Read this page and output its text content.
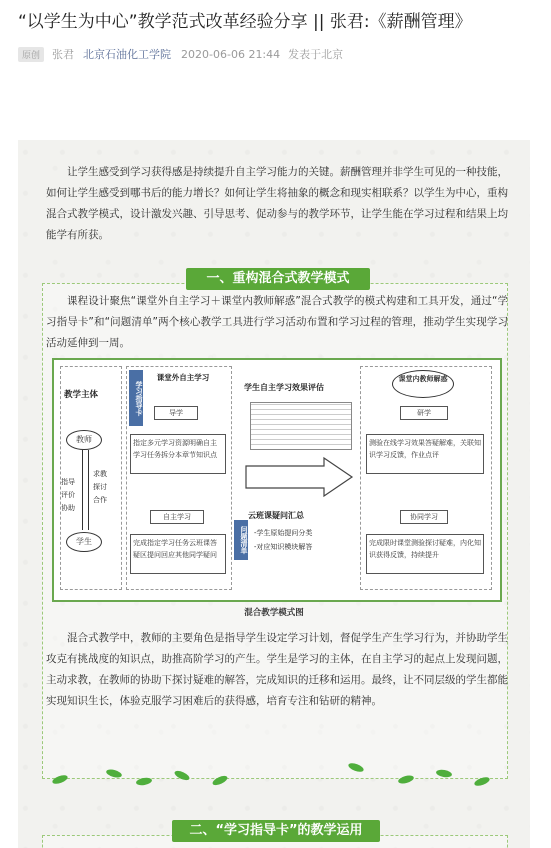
“以学生为中心”教学范式改革经验分享 || 张君:《薪酬管理》
原创	张君 北京石油化工学院 2020-06-06 21:44 发表于北京

让学生感受到学习获得感是持续提升自主学习能力的关键。薪酬管理并非学生可见的一种技能，如何让学生感受到哪书后的能力增长？如何让学生将抽象的概念和现实相联系？以学生为中心，重构混合式教学模式，设计激发兴趣、引导思考、促动参与的教学环节，让学生能在学习过程和结果上均能学有所获。

一、重构混合式教学模式

课程设计聚焦“课堂外自主学习＋课堂内教师解惑”混合式教学的模式构建和工具开发，通过“学习指导卡”和“问题清单”两个核心教学工具进行学习活动布置和学习过程的管理，推动学生实现学习活动延伸到一周。

教学主体
教师
学生
指导
评价
协助
求教
探讨
合作
学习指导卡
课堂外自主学习
导学
指定多元学习资源明确自主学习任务拆分本章节知识点
自主学习
完成指定学习任务云班课答疑区提问回应其他同学疑问
学生自主学习效果评估
云班课疑问汇总
问题清单 -学生原始提问分类
-对应知识模块解答
课堂内教师解惑
研学
测验在线学习效果答疑解难，关联知识学习反馈，作业点评
协同学习
完成限时课堂测验探讨疑难，内化知识获得反馈，持续提升
混合教学模式图

混合式教学中，教师的主要角色是指导学生设定学习计划，督促学生产生学习行为，并协助学生攻克有挑战度的知识点，助推高阶学习的产生。学生是学习的主体，在自主学习的起点上发现问题，主动求教，在教师的协助下探讨疑难的解答，完成知识的迁移和运用。最终，让不同层级的学生都能实现知识生长，体验克服学习困难后的获得感，培育专注和钻研的精神。

二、“学习指导卡”的教学运用
